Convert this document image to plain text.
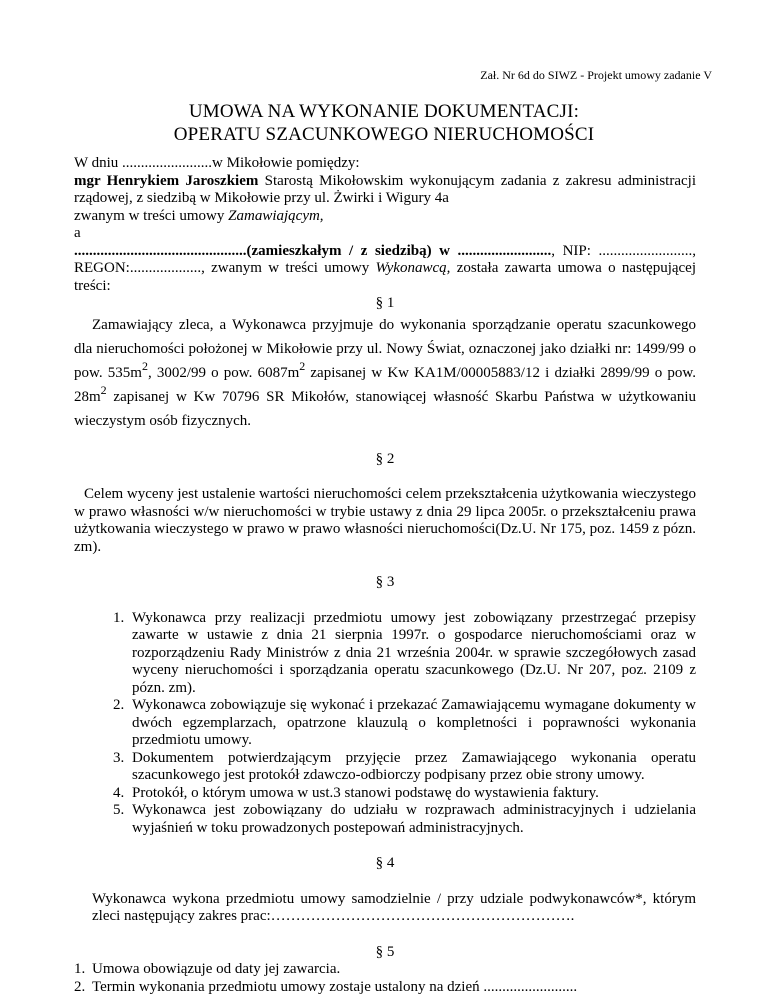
Zał. Nr 6d do SIWZ - Projekt umowy zadanie V
UMOWA NA WYKONANIE DOKUMENTACJI:
OPERATU SZACUNKOWEGO NIERUCHOMOŚCI

W dniu ........................w Mikołowie pomiędzy:

mgr Henrykiem Jaroszkiem Starostą Mikołowskim wykonującym zadania z zakresu administracji rządowej, z siedzibą w Mikołowie przy ul. Żwirki i Wigury 4a

zwanym w treści umowy Zamawiającym,

a

..............................................(zamieszkałym / z siedzibą) w ........................., NIP: ........................., REGON:..................., zwanym w treści umowy Wykonawcą, została zawarta umowa o następującej treści:

§ 1

Zamawiający zleca, a Wykonawca przyjmuje do wykonania sporządzanie operatu szacunkowego dla nieruchomości położonej w Mikołowie przy ul. Nowy Świat, oznaczonej jako działki nr: 1499/99 o pow. $535m^2$, 3002/99 o pow. $6087m^2$ zapisanej w Kw KA1M/00005883/12 i działki 2899/99 o pow. $28m^2$ zapisanej w Kw 70796 SR Mikołów, stanowiącej własność Skarbu Państwa w użytkowaniu wieczystym osób fizycznych.

§ 2

Celem wyceny jest ustalenie wartości nieruchomości celem przekształcenia użytkowania wieczystego w prawo własności w/w nieruchomości w trybie ustawy z dnia 29 lipca 2005r. o przekształceniu prawa użytkowania wieczystego w prawo w prawo własności nieruchomości(Dz.U. Nr 175, poz. 1459 z pózn. zm).

§ 3

1. Wykonawca przy realizacji przedmiotu umowy jest zobowiązany przestrzegać przepisy zawarte w ustawie z dnia 21 sierpnia 1997r. o gospodarce nieruchomościami oraz w rozporządzeniu Rady Ministrów z dnia 21 września 2004r. w sprawie szczegółowych zasad wyceny nieruchomości i sporządzania operatu szacunkowego (Dz.U. Nr 207, poz. 2109 z pózn. zm).
2. Wykonawca zobowiązuje się wykonać i przekazać Zamawiającemu wymagane dokumenty w dwóch egzemplarzach, opatrzone klauzulą o kompletności i poprawności wykonania przedmiotu umowy.
3. Dokumentem potwierdzającym przyjęcie przez Zamawiającego wykonania operatu szacunkowego jest protokół zdawczo-odbiorczy podpisany przez obie strony umowy.
4. Protokół, o którym umowa w ust.3 stanowi podstawę do wystawienia faktury.
5. Wykonawca jest zobowiązany do udziału w rozprawach administracyjnych i udzielania wyjaśnień w toku prowadzonych postepowań administracyjnych.

§ 4

Wykonawca wykona przedmiotu umowy samodzielnie / przy udziale podwykonawców*, którym zleci następujący zakres prac:…………………………………………………….

§ 5

1. Umowa obowiązuje od daty jej zawarcia.
2. Termin wykonania przedmiotu umowy zostaje ustalony na dzień .........................
